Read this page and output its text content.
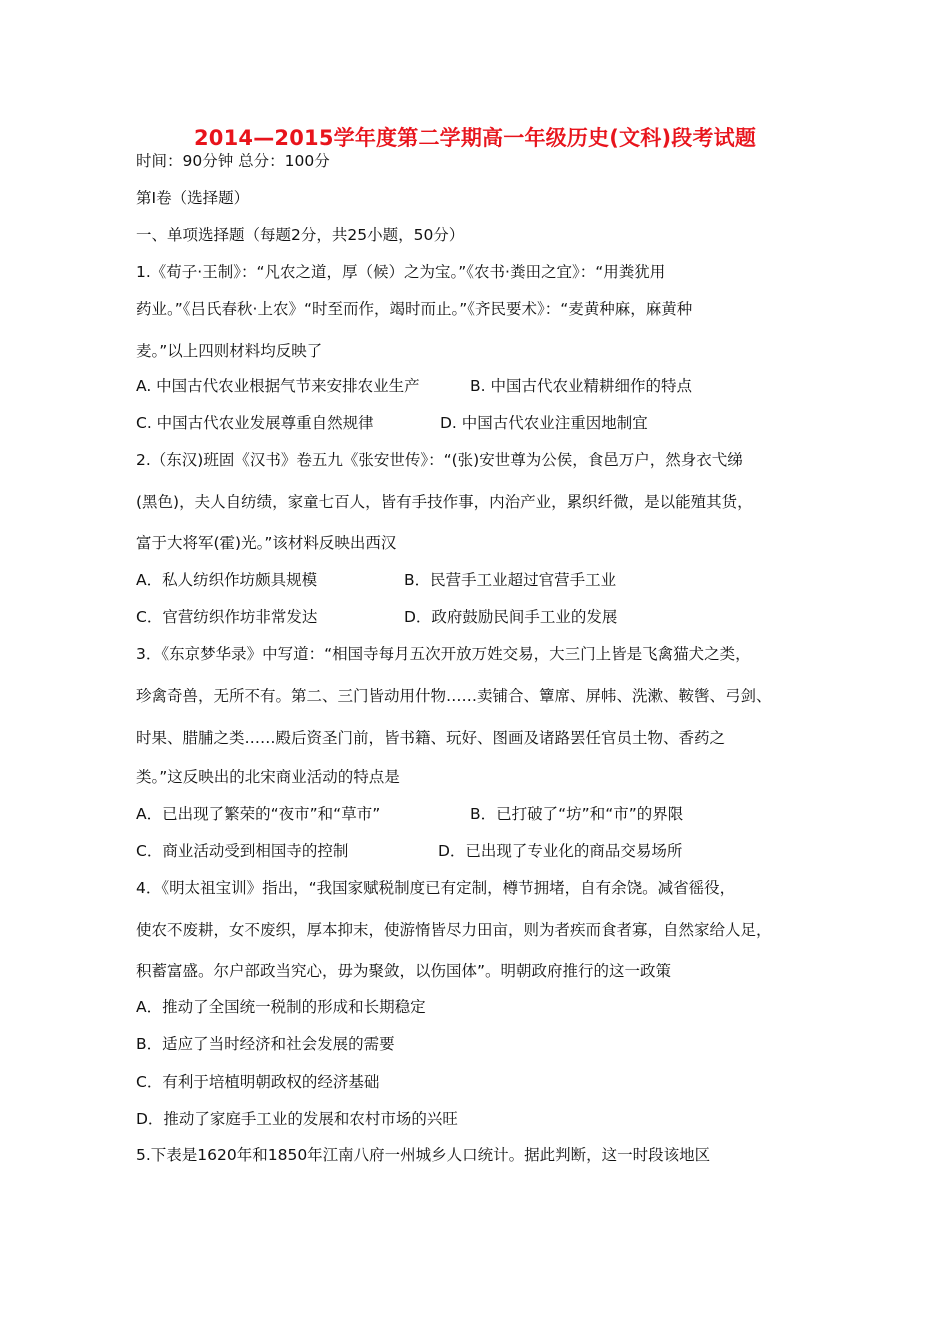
2014—2015学年度第二学期高一年级历史(文科)段考试题
时间：90分钟 总分：100分
第Ⅰ卷（选择题）
一、单项选择题（每题2分，共25小题，50分）
1.《荀子·王制》：“凡农之道，厚（候）之为宝。”《农书·粪田之宜》：“用粪犹用
药业。”《吕氏春秋·上农》“时至而作，竭时而止。”《齐民要术》：“麦黄种麻，麻黄种
麦。”以上四则材料均反映了
A. 中国古代农业根据气节来安排农业生产	B. 中国古代农业精耕细作的特点
C. 中国古代农业发展尊重自然规律	D. 中国古代农业注重因地制宜
2.（东汉)班固《汉书》卷五九《张安世传》：“(张)安世尊为公侯，食邑万户，然身衣弋绨
(黑色)，夫人自纺绩，家童七百人，皆有手技作事，内治产业，累织纤微，是以能殖其货，
富于大将军(霍)光。”该材料反映出西汉
A．私人纺织作坊颇具规模	B．民营手工业超过官营手工业
C．官营纺织作坊非常发达	D．政府鼓励民间手工业的发展
3．《东京梦华录》中写道：“相国寺每月五次开放万姓交易，大三门上皆是飞禽猫犬之类，
珍禽奇兽，无所不有。第二、三门皆动用什物……卖铺合、簟席、屏帏、洗漱、鞍辔、弓剑、
时果、腊脯之类……殿后资圣门前，皆书籍、玩好、图画及诸路罢任官员土物、香药之
类。”这反映出的北宋商业活动的特点是
A．已出现了繁荣的“夜市”和“草市”	B．已打破了“坊”和“市”的界限
C．商业活动受到相国寺的控制	D．已出现了专业化的商品交易场所
4．《明太祖宝训》指出，“我国家赋税制度已有定制，樽节拥堵，自有余饶。减省徭役，
使农不废耕，女不废织，厚本抑末，使游惰皆尽力田亩，则为者疾而食者寡，自然家给人足，
积蓄富盛。尔户部政当究心，毋为聚敛，以伤国体”。明朝政府推行的这一政策
A．推动了全国统一税制的形成和长期稳定
B．适应了当时经济和社会发展的需要
C．有利于培植明朝政权的经济基础
D．推动了家庭手工业的发展和农村市场的兴旺
5.下表是1620年和1850年江南八府一州城乡人口统计。据此判断，这一时段该地区
